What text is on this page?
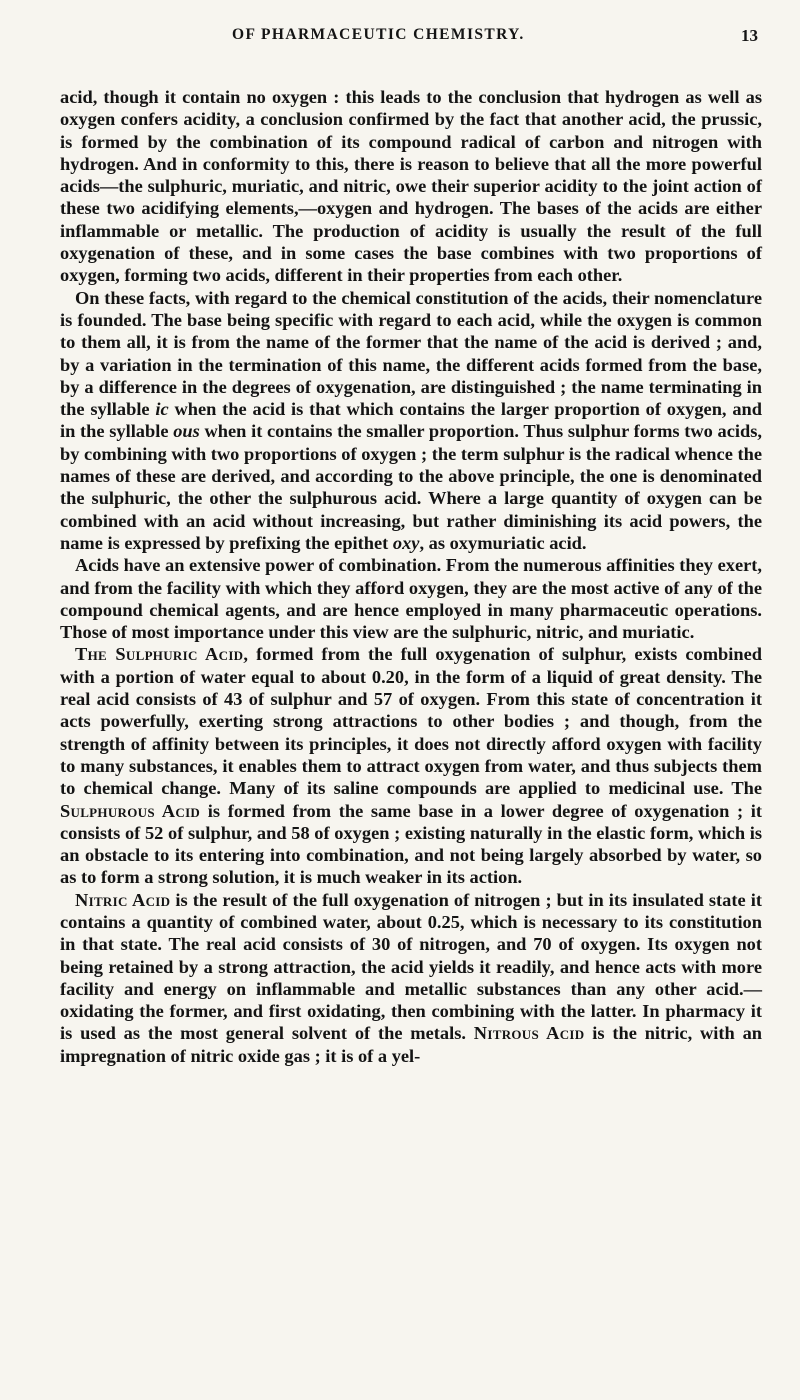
OF PHARMACEUTIC CHEMISTRY.	13

acid, though it contain no oxygen : this leads to the conclusion that hydrogen as well as oxygen confers acidity, a conclusion confirmed by the fact that another acid, the prussic, is formed by the combination of its compound radical of carbon and nitrogen with hydrogen. And in conformity to this, there is reason to believe that all the more powerful acids—the sulphuric, muriatic, and nitric, owe their superior acidity to the joint action of these two acidifying elements,—oxygen and hydrogen. The bases of the acids are either inflammable or metallic. The production of acidity is usually the result of the full oxygenation of these, and in some cases the base combines with two proportions of oxygen, forming two acids, different in their properties from each other.

On these facts, with regard to the chemical constitution of the acids, their nomenclature is founded. The base being specific with regard to each acid, while the oxygen is common to them all, it is from the name of the former that the name of the acid is derived ; and, by a variation in the termination of this name, the different acids formed from the base, by a difference in the degrees of oxygenation, are distinguished ; the name terminating in the syllable ic when the acid is that which contains the larger proportion of oxygen, and in the syllable ous when it contains the smaller proportion. Thus sulphur forms two acids, by combining with two proportions of oxygen ; the term sulphur is the radical whence the names of these are derived, and according to the above principle, the one is denominated the sulphuric, the other the sulphurous acid. Where a large quantity of oxygen can be combined with an acid without increasing, but rather diminishing its acid powers, the name is expressed by prefixing the epithet oxy, as oxymuriatic acid.

Acids have an extensive power of combination. From the numerous affinities they exert, and from the facility with which they afford oxygen, they are the most active of any of the compound chemical agents, and are hence employed in many pharmaceutic operations. Those of most importance under this view are the sulphuric, nitric, and muriatic.

The Sulphuric Acid, formed from the full oxygenation of sulphur, exists combined with a portion of water equal to about 0.20, in the form of a liquid of great density. The real acid consists of 43 of sulphur and 57 of oxygen. From this state of concentration it acts powerfully, exerting strong attractions to other bodies ; and though, from the strength of affinity between its principles, it does not directly afford oxygen with facility to many substances, it enables them to attract oxygen from water, and thus subjects them to chemical change. Many of its saline compounds are applied to medicinal use. The Sulphurous Acid is formed from the same base in a lower degree of oxygenation ; it consists of 52 of sulphur, and 58 of oxygen ; existing naturally in the elastic form, which is an obstacle to its entering into combination, and not being largely absorbed by water, so as to form a strong solution, it is much weaker in its action.

Nitric Acid is the result of the full oxygenation of nitrogen ; but in its insulated state it contains a quantity of combined water, about 0.25, which is necessary to its constitution in that state. The real acid consists of 30 of nitrogen, and 70 of oxygen. Its oxygen not being retained by a strong attraction, the acid yields it readily, and hence acts with more facility and energy on inflammable and metallic substances than any other acid.—oxidating the former, and first oxidating, then combining with the latter. In pharmacy it is used as the most general solvent of the metals. Nitrous Acid is the nitric, with an impregnation of nitric oxide gas ; it is of a yel-
